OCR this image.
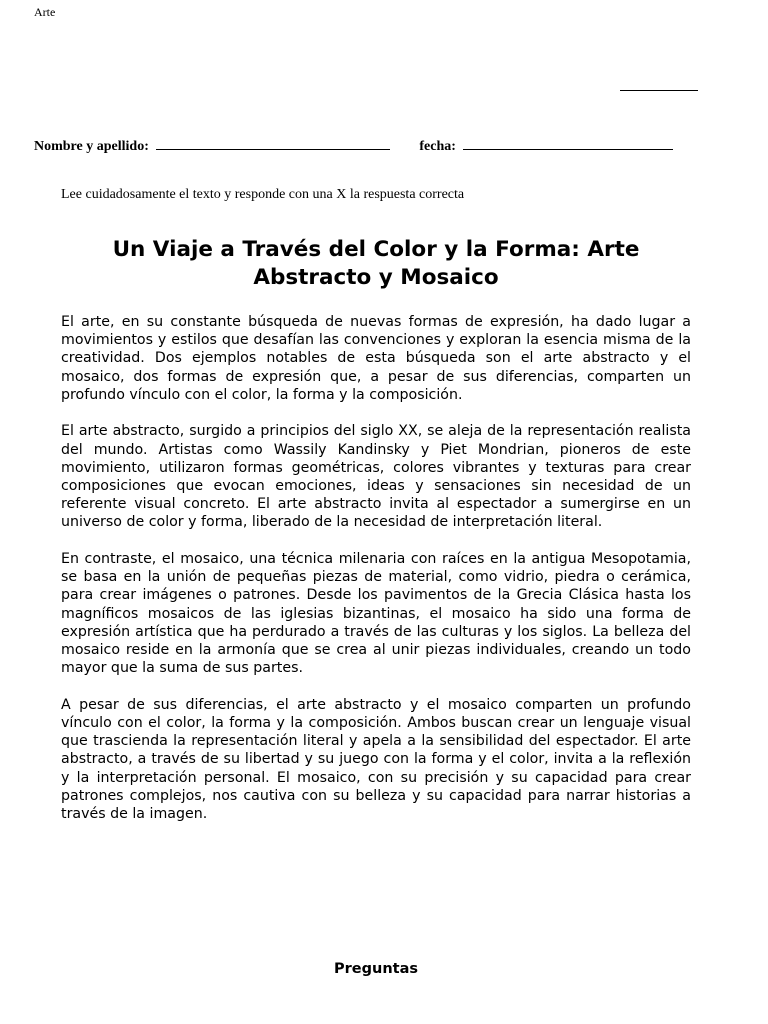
Arte
Nombre y apellido:	fecha:
Lee cuidadosamente el texto y responde con una X la respuesta correcta
Un Viaje a Través del Color y la Forma: Arte Abstracto y Mosaico

El arte, en su constante búsqueda de nuevas formas de expresión, ha dado lugar a movimientos y estilos que desafían las convenciones y exploran la esencia misma de la creatividad. Dos ejemplos notables de esta búsqueda son el arte abstracto y el mosaico, dos formas de expresión que, a pesar de sus diferencias, comparten un profundo vínculo con el color, la forma y la composición.

El arte abstracto, surgido a principios del siglo XX, se aleja de la representación realista del mundo. Artistas como Wassily Kandinsky y Piet Mondrian, pioneros de este movimiento, utilizaron formas geométricas, colores vibrantes y texturas para crear composiciones que evocan emociones, ideas y sensaciones sin necesidad de un referente visual concreto. El arte abstracto invita al espectador a sumergirse en un universo de color y forma, liberado de la necesidad de interpretación literal.

En contraste, el mosaico, una técnica milenaria con raíces en la antigua Mesopotamia, se basa en la unión de pequeñas piezas de material, como vidrio, piedra o cerámica, para crear imágenes o patrones. Desde los pavimentos de la Grecia Clásica hasta los magníficos mosaicos de las iglesias bizantinas, el mosaico ha sido una forma de expresión artística que ha perdurado a través de las culturas y los siglos. La belleza del mosaico reside en la armonía que se crea al unir piezas individuales, creando un todo mayor que la suma de sus partes.

A pesar de sus diferencias, el arte abstracto y el mosaico comparten un profundo vínculo con el color, la forma y la composición. Ambos buscan crear un lenguaje visual que trascienda la representación literal y apela a la sensibilidad del espectador. El arte abstracto, a través de su libertad y su juego con la forma y el color, invita a la reflexión y la interpretación personal. El mosaico, con su precisión y su capacidad para crear patrones complejos, nos cautiva con su belleza y su capacidad para narrar historias a través de la imagen.

Preguntas
